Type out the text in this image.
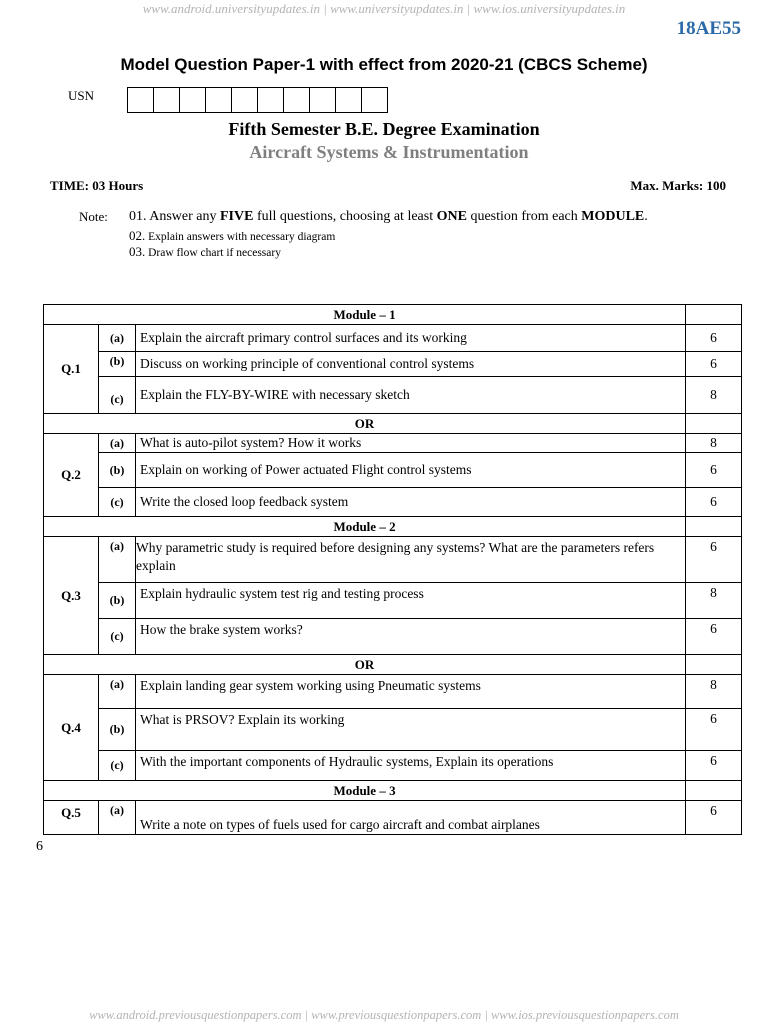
www.android.universityupdates.in | www.universityupdates.in | www.ios.universityupdates.in
18AE55
Model Question Paper-1 with effect from 2020-21 (CBCS Scheme)
USN
Fifth Semester B.E. Degree Examination
Aircraft Systems & Instrumentation
TIME: 03 Hours	Max. Marks: 100
Note: 01. Answer any FIVE full questions, choosing at least ONE question from each MODULE.
02. Explain answers with necessary diagram
03. Draw flow chart if necessary
Module – 1			
Q.1	(a)	Explain the aircraft primary control surfaces and its working	6
	(b)	Discuss on working principle of conventional control systems	6
	(c)	Explain the FLY-BY-WIRE with necessary sketch	8
OR			
Q.2	(a)	What is auto-pilot system? How it works	8
	(b)	Explain on working of Power actuated Flight control systems	6
	(c)	Write the closed loop feedback system	6
Module – 2			
Q.3	(a)	Why parametric study is required before designing any systems? What are the parameters refers explain	6
	(b)	Explain hydraulic system test rig and testing process	8
	(c)	How the brake system works?	6
OR			
Q.4	(a)	Explain landing gear system working using Pneumatic systems	8
	(b)	What is PRSOV? Explain its working	6
	(c)	With the important components of Hydraulic systems, Explain its operations	6
Module – 3			
Q.5	(a)	Write a note on types of fuels used for cargo aircraft and combat airplanes	6
6
www.android.previousquestionpapers.com | www.previousquestionpapers.com | www.ios.previousquestionpapers.com
